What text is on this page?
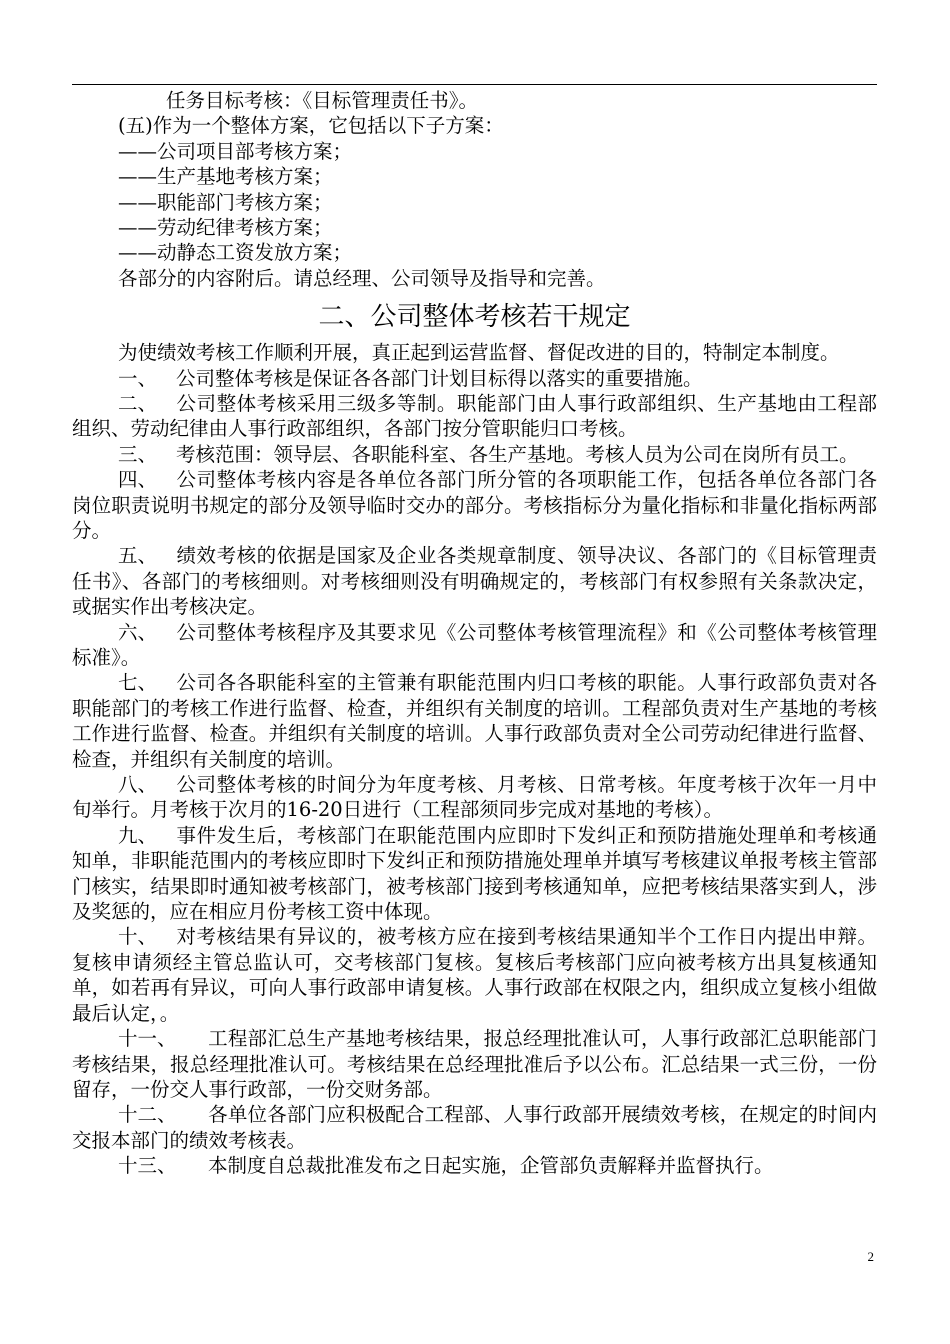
任务目标考核：《目标管理责任书》。
(五)作为一个整体方案，它包括以下子方案：
——公司项目部考核方案；
——生产基地考核方案；
——职能部门考核方案；
——劳动纪律考核方案；
——动静态工资发放方案；
各部分的内容附后。请总经理、公司领导及指导和完善。
二、公司整体考核若干规定
为使绩效考核工作顺利开展，真正起到运营监督、督促改进的目的，特制定本制度。
一、 公司整体考核是保证各各部门计划目标得以落实的重要措施。
二、 公司整体考核采用三级多等制。职能部门由人事行政部组织、生产基地由工程部组织、劳动纪律由人事行政部组织，各部门按分管职能归口考核。
三、 考核范围：领导层、各职能科室、各生产基地。考核人员为公司在岗所有员工。
四、 公司整体考核内容是各单位各部门所分管的各项职能工作，包括各单位各部门各岗位职责说明书规定的部分及领导临时交办的部分。考核指标分为量化指标和非量化指标两部分。
五、 绩效考核的依据是国家及企业各类规章制度、领导决议、各部门的《目标管理责任书》、各部门的考核细则。对考核细则没有明确规定的，考核部门有权参照有关条款决定，或据实作出考核决定。
六、 公司整体考核程序及其要求见《公司整体考核管理流程》和《公司整体考核管理标准》。
七、 公司各各职能科室的主管兼有职能范围内归口考核的职能。人事行政部负责对各职能部门的考核工作进行监督、检查，并组织有关制度的培训。工程部负责对生产基地的考核工作进行监督、检查。并组织有关制度的培训。人事行政部负责对全公司劳动纪律进行监督、检查，并组织有关制度的培训。
八、 公司整体考核的时间分为年度考核、月考核、日常考核。年度考核于次年一月中旬举行。月考核于次月的16-20日进行（工程部须同步完成对基地的考核）。
九、 事件发生后，考核部门在职能范围内应即时下发纠正和预防措施处理单和考核通知单，非职能范围内的考核应即时下发纠正和预防措施处理单并填写考核建议单报考核主管部门核实，结果即时通知被考核部门，被考核部门接到考核通知单，应把考核结果落实到人，涉及奖惩的，应在相应月份考核工资中体现。
十、 对考核结果有异议的，被考核方应在接到考核结果通知半个工作日内提出申辩。复核申请须经主管总监认可，交考核部门复核。复核后考核部门应向被考核方出具复核通知单，如若再有异议，可向人事行政部申请复核。人事行政部在权限之内，组织成立复核小组做最后认定，。
十一、 工程部汇总生产基地考核结果，报总经理批准认可，人事行政部汇总职能部门考核结果，报总经理批准认可。考核结果在总经理批准后予以公布。汇总结果一式三份，一份留存，一份交人事行政部，一份交财务部。
十二、 各单位各部门应积极配合工程部、人事行政部开展绩效考核，在规定的时间内交报本部门的绩效考核表。
十三、 本制度自总裁批准发布之日起实施，企管部负责解释并监督执行。
2
